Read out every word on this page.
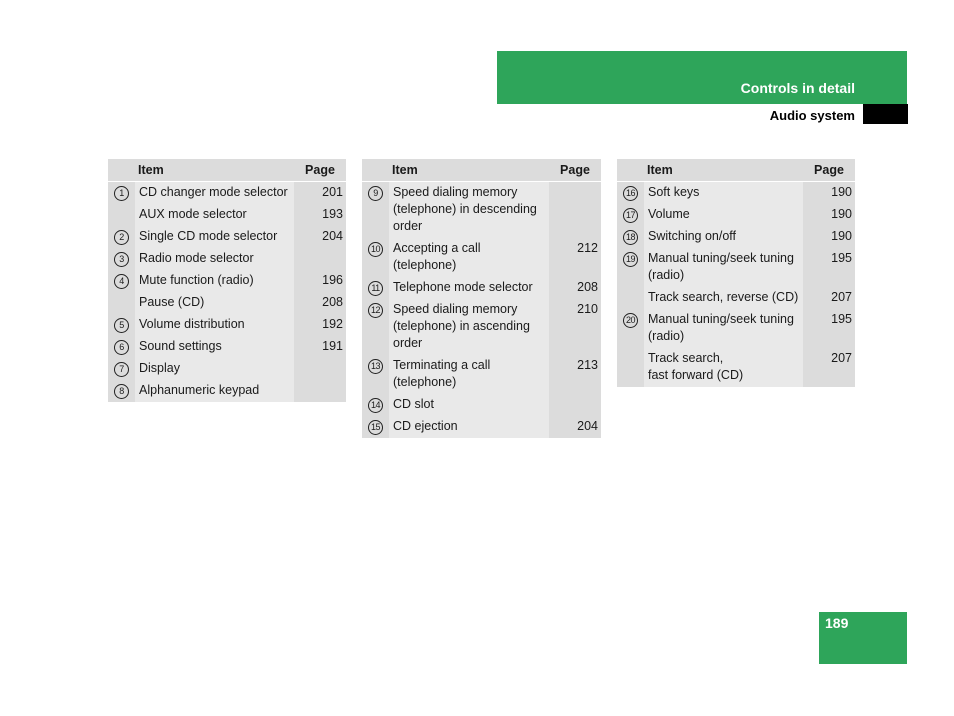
Controls in detail
Audio system
	Item	Page
1	CD changer mode selector	201
	AUX mode selector	193
2	Single CD mode selector	204
3	Radio mode selector	
4	Mute function (radio)	196
	Pause (CD)	208
5	Volume distribution	192
6	Sound settings	191
7	Display	
8	Alphanumeric keypad	
	Item	Page
9	Speed dialing memory (telephone) in descending order	
10	Accepting a call (telephone)	212
11	Telephone mode selector	208
12	Speed dialing memory (telephone) in ascending order	210
13	Terminating a call (telephone)	213
14	CD slot	
15	CD ejection	204
	Item	Page
16	Soft keys	190
17	Volume	190
18	Switching on/off	190
19	Manual tuning/seek tuning (radio)	195
	Track search, reverse (CD)	207
20	Manual tuning/seek tuning (radio)	195
	Track search,
fast forward (CD)	207
189
